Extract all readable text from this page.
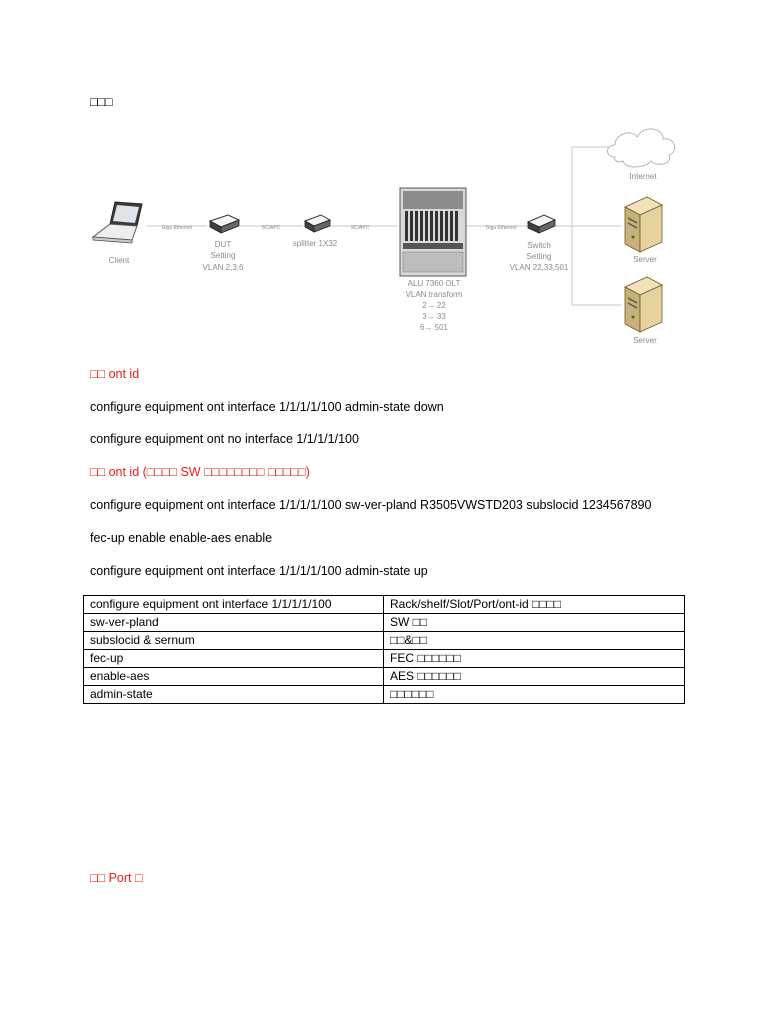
□□□
Client
Gigu Ethernet
DUT
Setting
VLAN 2,3,6
SC/APC
splitter 1X32
SC/APC
ALU 7360 OLT
VLAN transform
2→ 22
3→ 33
6→ 501
Gigu Ethernet
Switch
Setting
VLAN 22,33,501
Internet
Server
Server
□□ ont id
configure equipment ont interface 1/1/1/1/100 admin-state down
configure equipment ont no interface 1/1/1/1/100
□□ ont id (□□□□ SW □□□□□□□□ □□□□□)
configure equipment ont interface 1/1/1/1/100 sw-ver-pland R3505VWSTD203 subslocid 1234567890
fec-up enable enable-aes enable
configure equipment ont interface 1/1/1/1/100 admin-state up
configure equipment ont interface 1/1/1/1/100	Rack/shelf/Slot/Port/ont-id □□□□
sw-ver-pland	SW □□
subslocid & sernum	□□&□□
fec-up	FEC □□□□□□
enable-aes	AES □□□□□□
admin-state	□□□□□□
□□ Port □
